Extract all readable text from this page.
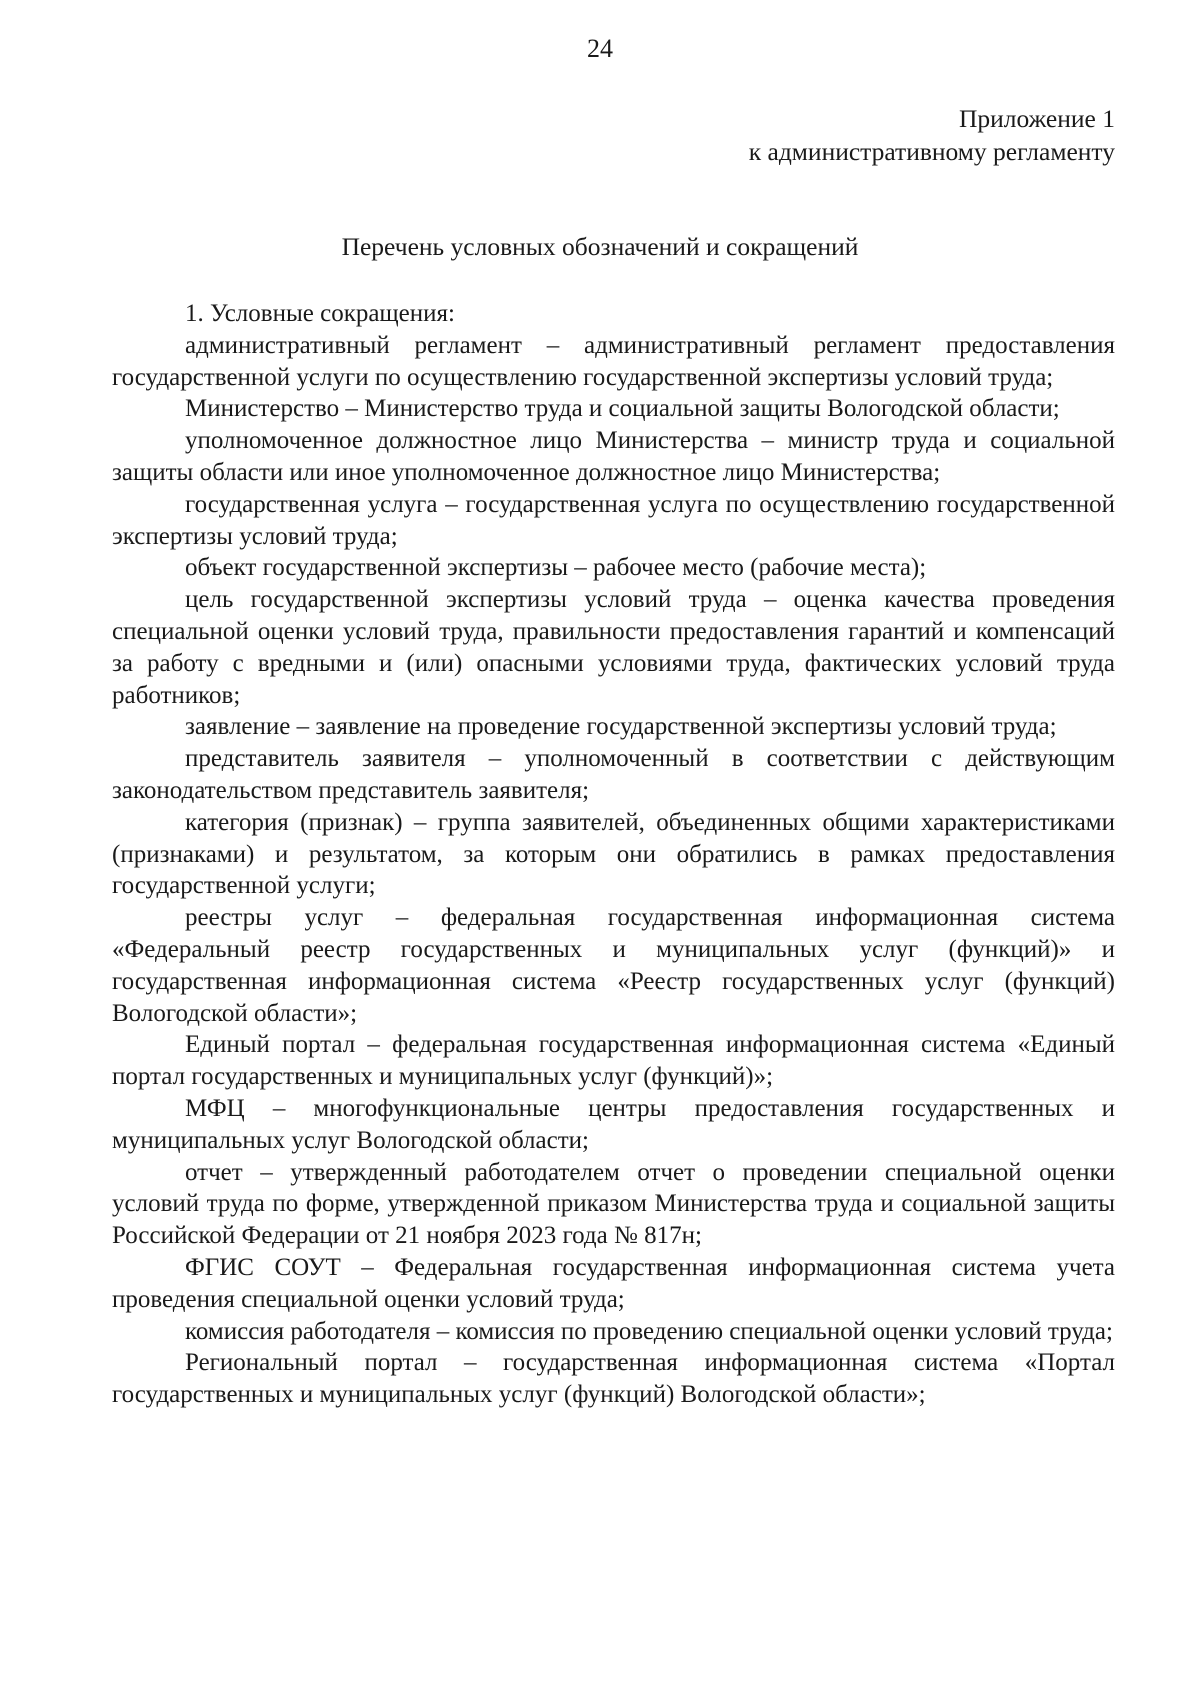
24
Приложение 1
к административному регламенту
Перечень условных обозначений и сокращений

1. Условные сокращения:

административный регламент – административный регламент предоставления государственной услуги по осуществлению государственной экспертизы условий труда;

Министерство – Министерство труда и социальной защиты Вологодской области;

уполномоченное должностное лицо Министерства – министр труда и социальной защиты области или иное уполномоченное должностное лицо Министерства;

государственная услуга – государственная услуга по осуществлению государственной экспертизы условий труда;

объект государственной экспертизы – рабочее место (рабочие места);

цель государственной экспертизы условий труда – оценка качества проведения специальной оценки условий труда, правильности предоставления гарантий и компенсаций за работу с вредными и (или) опасными условиями труда, фактических условий труда работников;

заявление – заявление на проведение государственной экспертизы условий труда;

представитель заявителя – уполномоченный в соответствии с действующим законодательством представитель заявителя;

категория (признак) – группа заявителей, объединенных общими характеристиками (признаками) и результатом, за которым они обратились в рамках предоставления государственной услуги;

реестры услуг – федеральная государственная информационная система «Федеральный реестр государственных и муниципальных услуг (функций)» и государственная информационная система «Реестр государственных услуг (функций) Вологодской области»;

Единый портал – федеральная государственная информационная система «Единый портал государственных и муниципальных услуг (функций)»;

МФЦ – многофункциональные центры предоставления государственных и муниципальных услуг Вологодской области;

отчет – утвержденный работодателем отчет о проведении специальной оценки условий труда по форме, утвержденной приказом Министерства труда и социальной защиты Российской Федерации от 21 ноября 2023 года № 817н;

ФГИС СОУТ – Федеральная государственная информационная система учета проведения специальной оценки условий труда;

комиссия работодателя – комиссия по проведению специальной оценки условий труда;

Региональный портал – государственная информационная система «Портал государственных и муниципальных услуг (функций) Вологодской области»;
